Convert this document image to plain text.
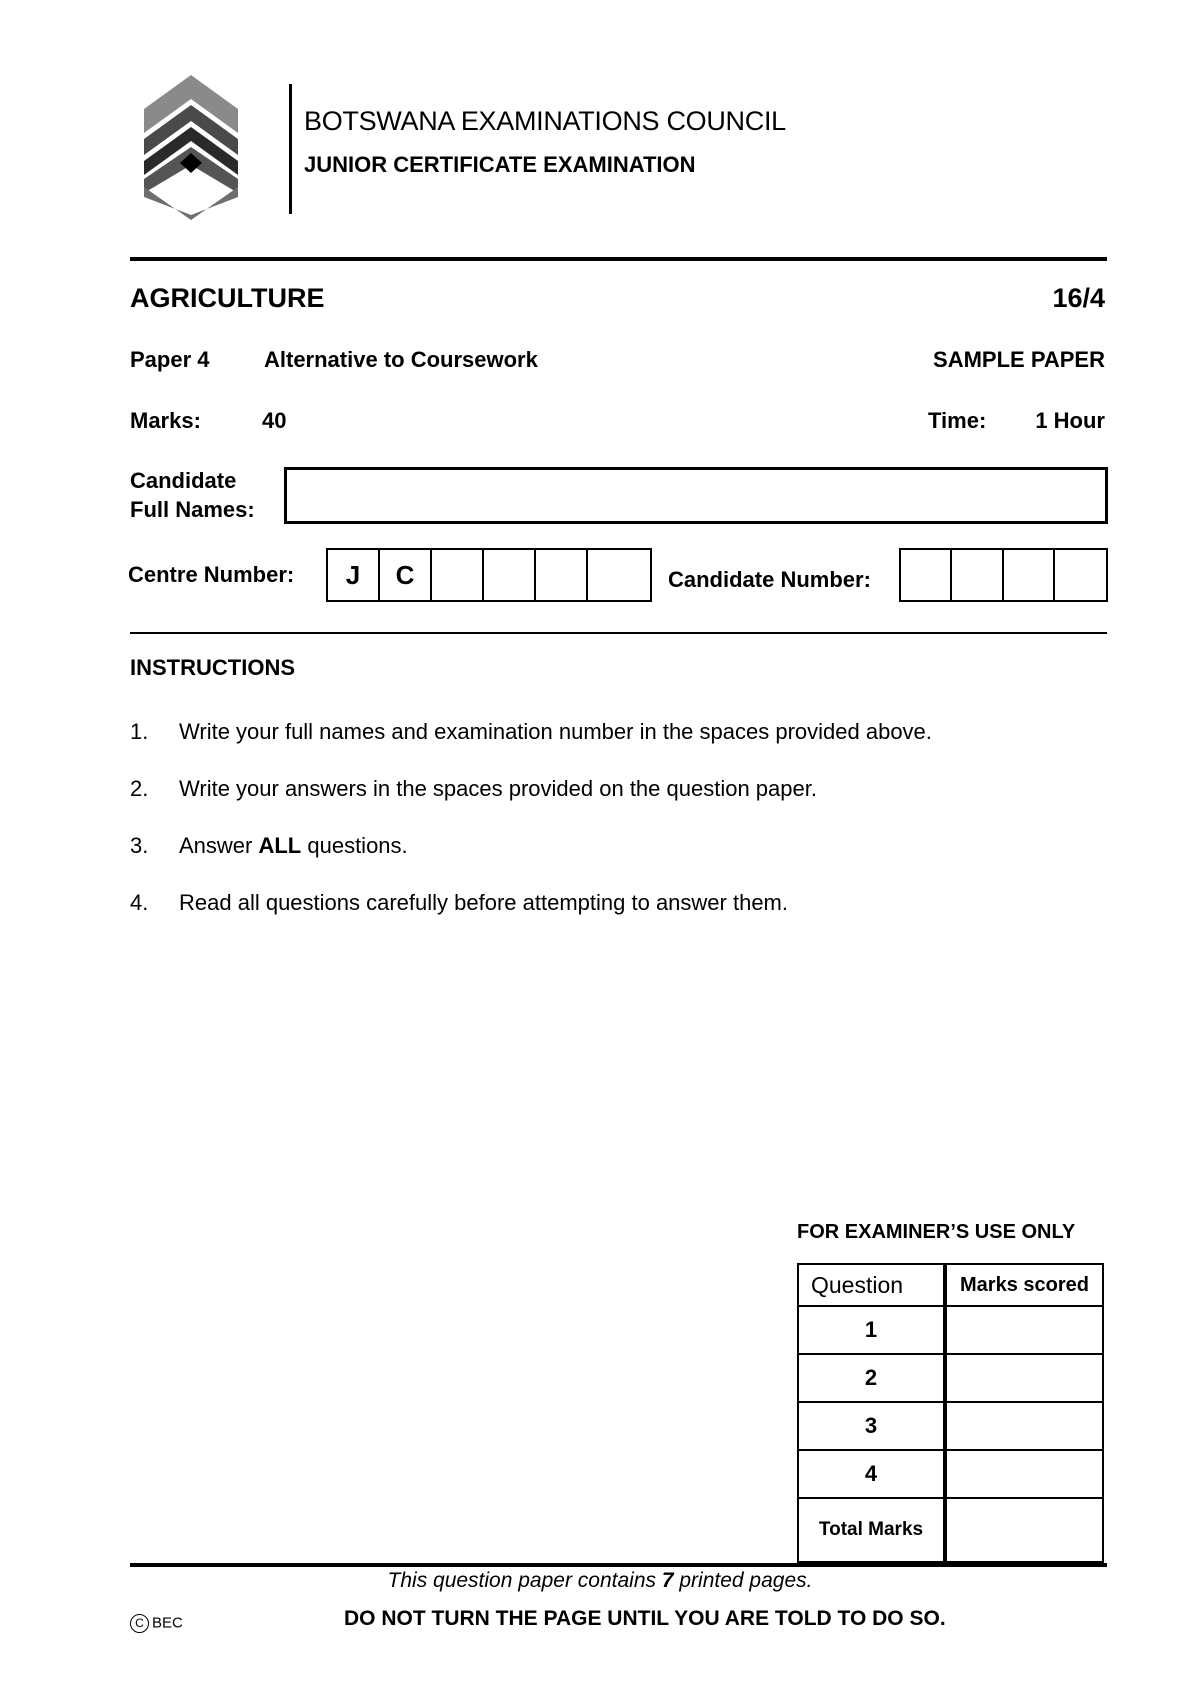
BOTSWANA EXAMINATIONS COUNCIL
JUNIOR CERTIFICATE EXAMINATION
AGRICULTURE	16/4
Paper 4 Alternative to Coursework	SAMPLE PAPER
Marks:	40	Time: 1 Hour
Candidate
Full Names:
Centre Number:	J	C	Candidate Number:
INSTRUCTIONS
1. Write your full names and examination number in the spaces provided above.
2. Write your answers in the spaces provided on the question paper.
3. Answer ALL questions.
4. Read all questions carefully before attempting to answer them.
FOR EXAMINER’S USE ONLY
Question	Marks scored
1	
2	
3	
4	
Total Marks	
This question paper contains 7 printed pages.
C BEC	DO NOT TURN THE PAGE UNTIL YOU ARE TOLD TO DO SO.
